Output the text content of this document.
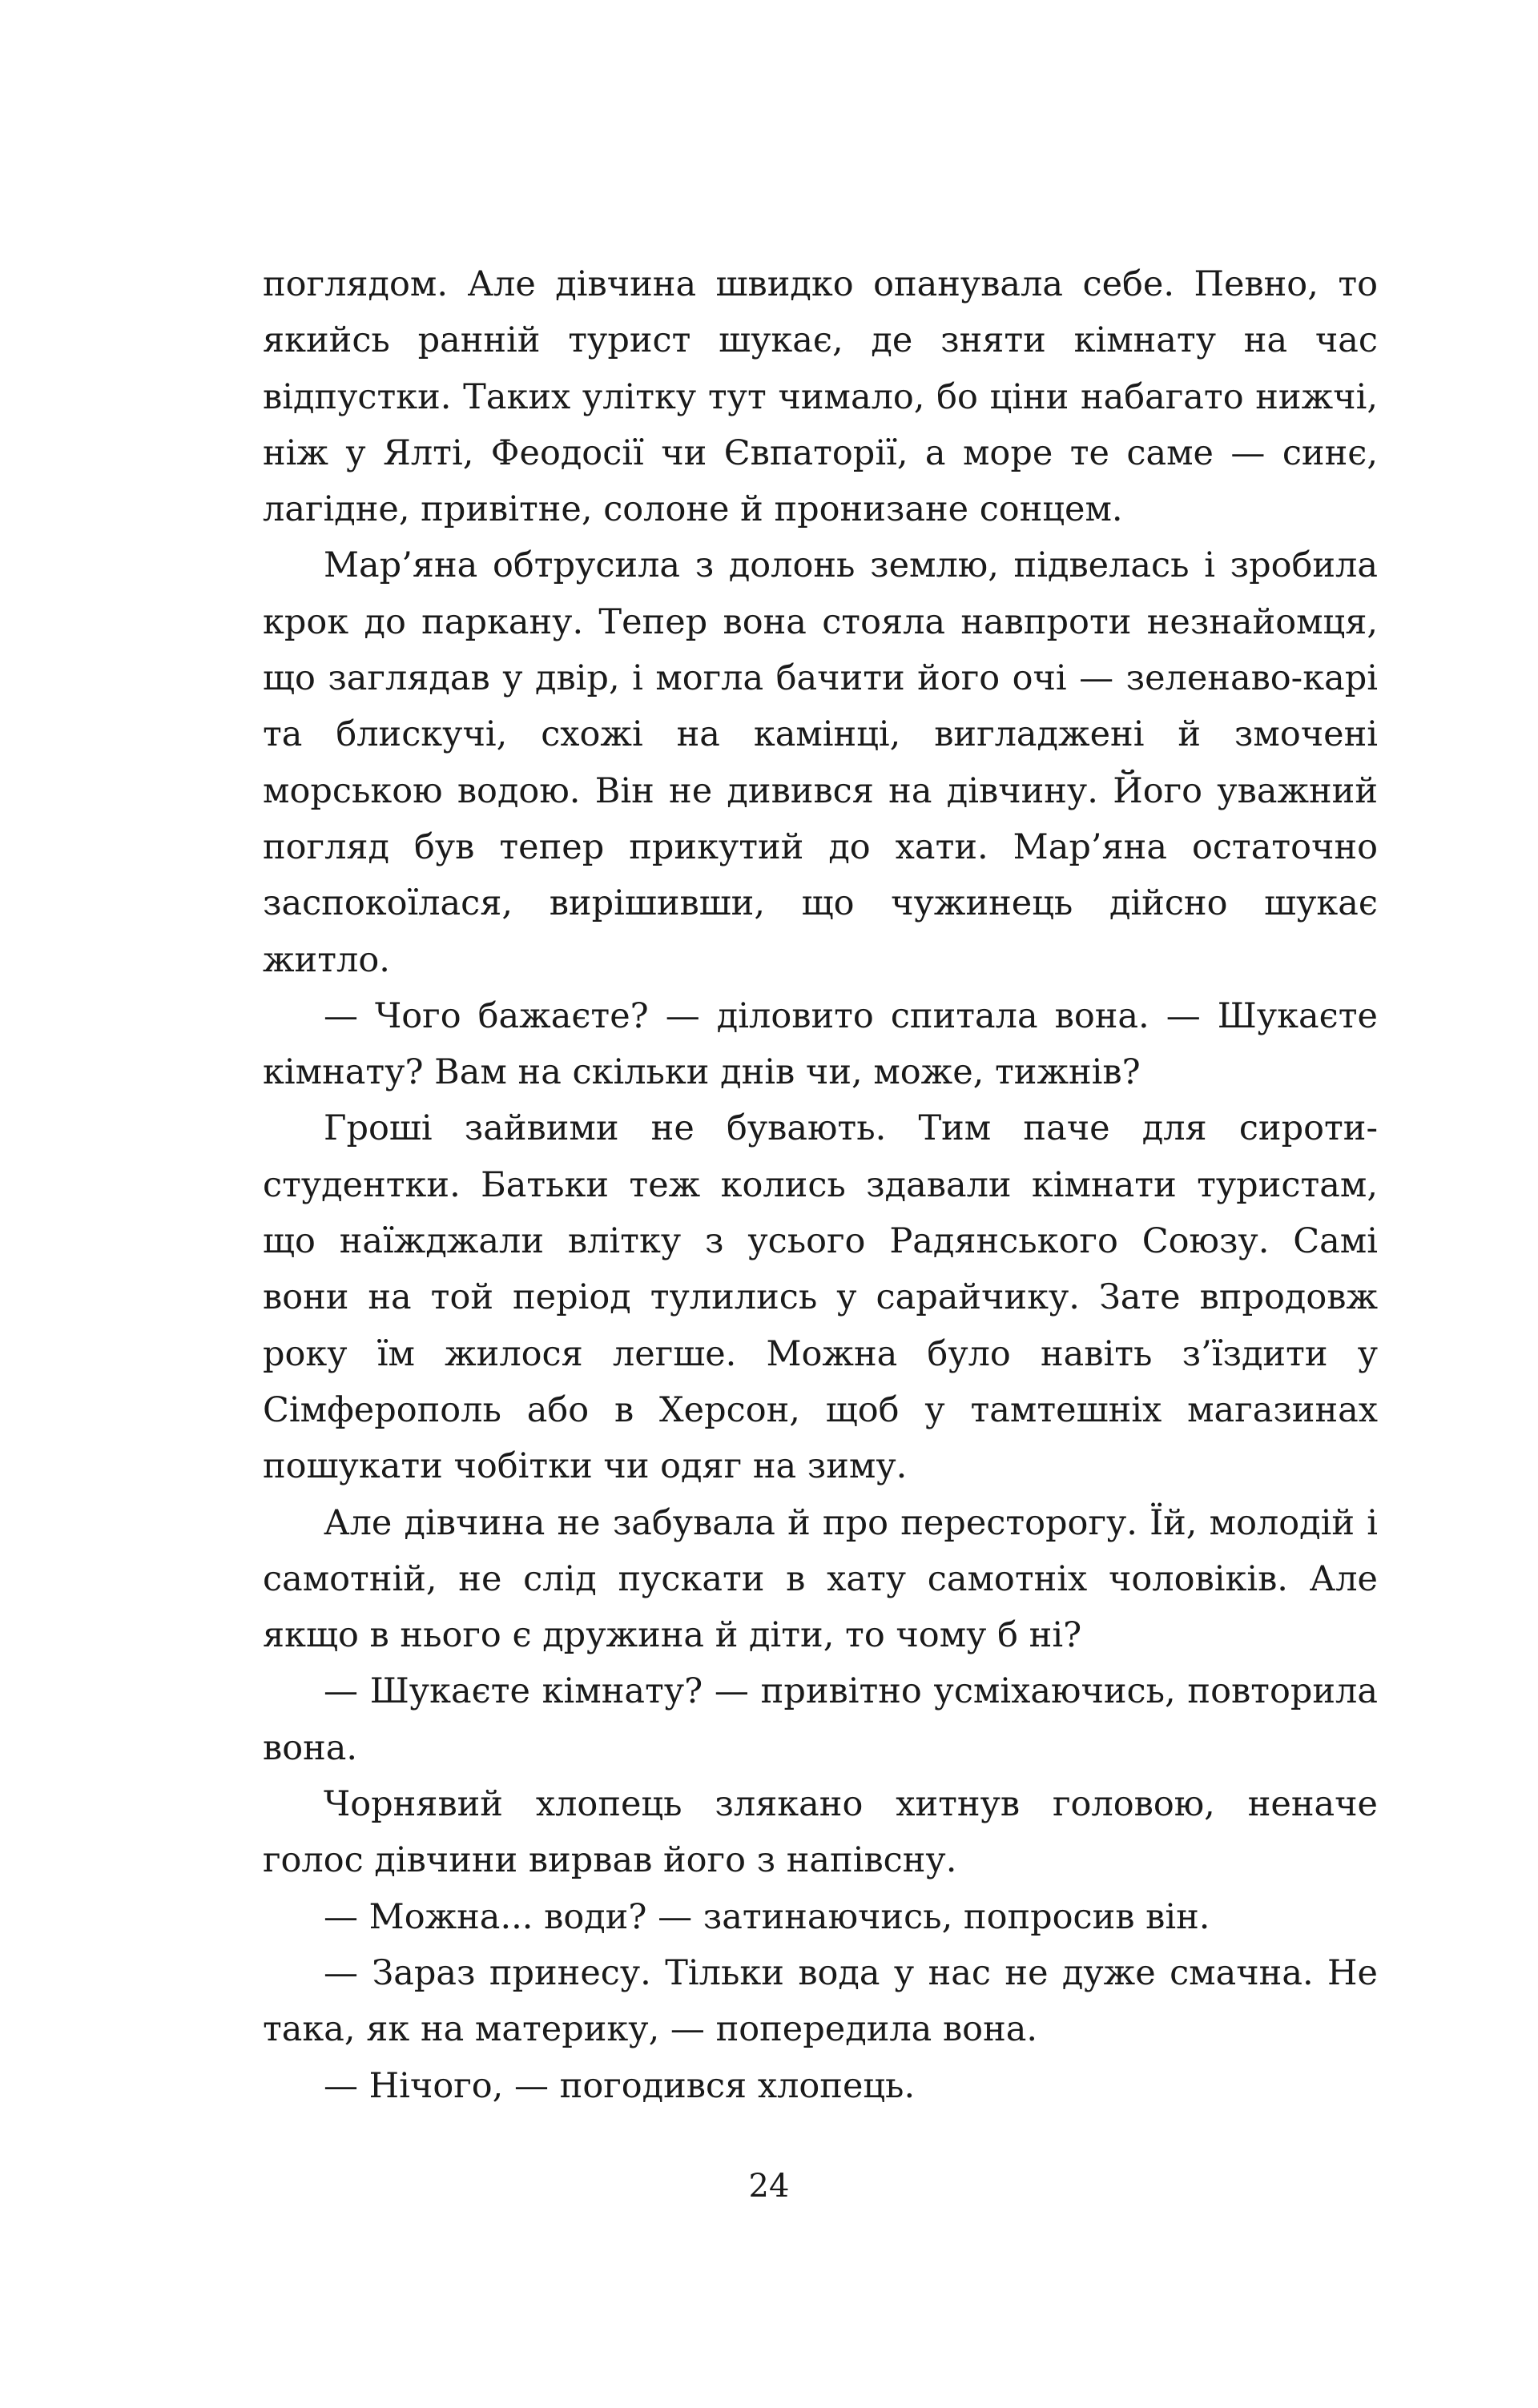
поглядом. Але дівчина швидко опанувала себе. Певно, то якийсь ранній турист шукає, де зняти кімнату на час відпустки. Таких улітку тут чимало, бо ціни набагато нижчі, ніж у Ялті, Феодосії чи Євпаторії, а море те саме — синє, лагідне, привітне, солоне й пронизане сонцем.

Мар’яна обтрусила з долонь землю, підвелась і зробила крок до паркану. Тепер вона стояла навпроти незнайомця, що заглядав у двір, і могла бачити його очі — зеленаво-карі та блискучі, схожі на камінці, вигладжені й змочені морською водою. Він не дивився на дівчину. Його уважний погляд був тепер прикутий до хати. Мар’яна остаточно заспокоїлася, вирішивши, що чужинець дійсно шукає житло.

— Чого бажаєте? — діловито спитала вона. — Шукаєте кімнату? Вам на скільки днів чи, може, тижнів?

Гроші зайвими не бувають. Тим паче для сироти-студентки. Батьки теж колись здавали кімнати туристам, що наїжджали влітку з усього Радянського Союзу. Самі вони на той період тулились у сарайчику. Зате впродовж року їм жилося легше. Можна було навіть з’їздити у Сімферополь або в Херсон, щоб у тамтешніх магазинах пошукати чобітки чи одяг на зиму.

Але дівчина не забувала й про пересторогу. Їй, молодій і самотній, не слід пускати в хату самотніх чоловіків. Але якщо в нього є дружина й діти, то чому б ні?

— Шукаєте кімнату? — привітно усміхаючись, повторила вона.

Чорнявий хлопець злякано хитнув головою, неначе голос дівчини вирвав його з напівсну.

— Можна... води? — затинаючись, попросив він.

— Зараз принесу. Тільки вода у нас не дуже смачна. Не така, як на материку, — попередила вона.

— Нічого, — погодився хлопець.

24
